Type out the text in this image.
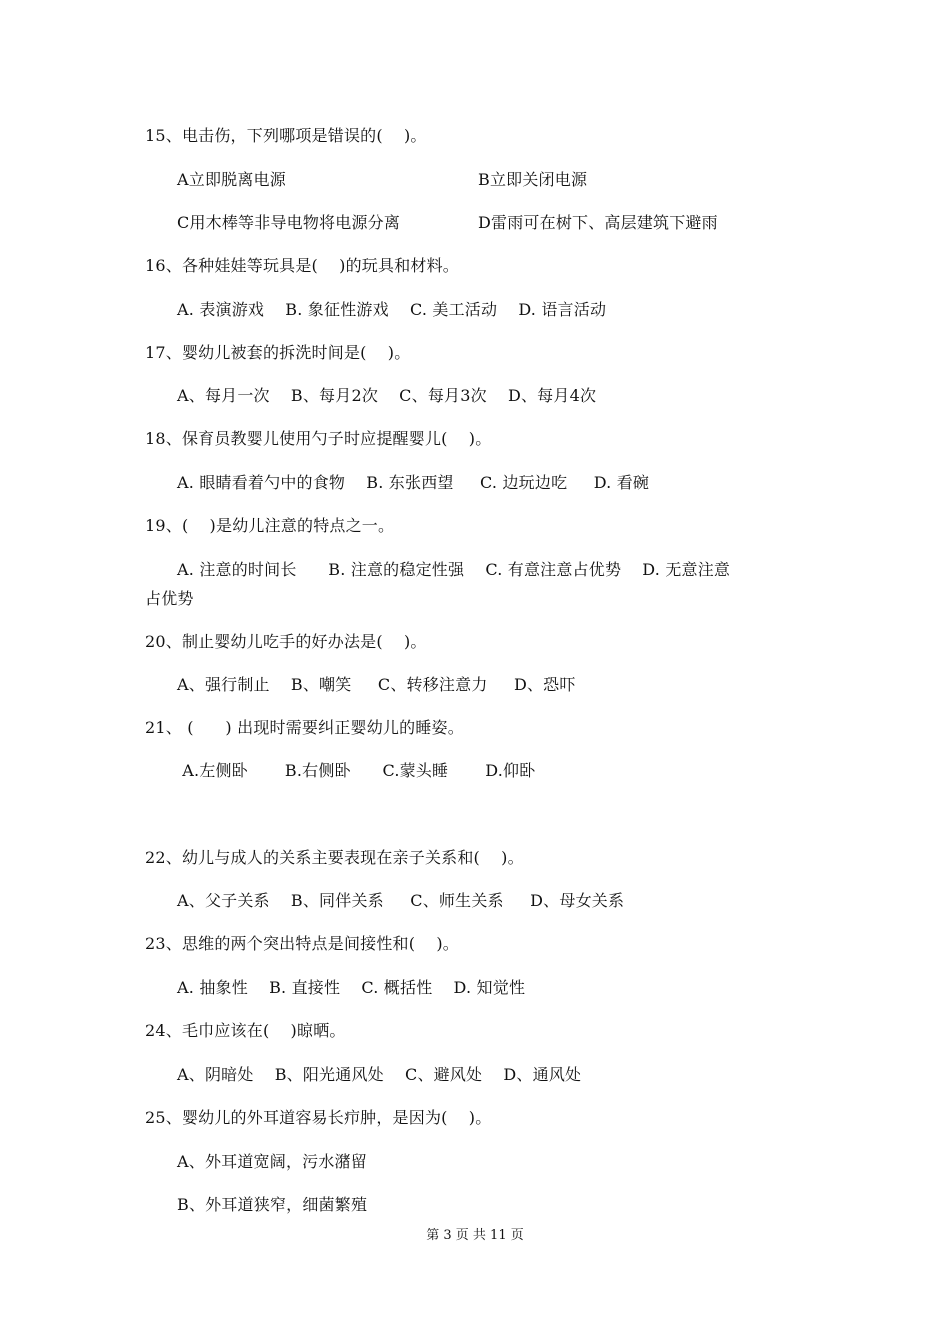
15、电击伤，下列哪项是错误的(    )。
A立即脱离电源	B立即关闭电源
C用木棒等非导电物将电源分离	D雷雨可在树下、高层建筑下避雨
16、各种娃娃等玩具是(    )的玩具和材料。
A. 表演游戏    B. 象征性游戏    C. 美工活动    D. 语言活动
17、婴幼儿被套的拆洗时间是(    )。
A、每月一次    B、每月2次    C、每月3次    D、每月4次
18、保育员教婴儿使用勺子时应提醒婴儿(    )。
A. 眼睛看着勺中的食物    B. 东张西望     C. 边玩边吃     D. 看碗
19、(    )是幼儿注意的特点之一。
A. 注意的时间长      B. 注意的稳定性强    C. 有意注意占优势    D. 无意注意
占优势
20、制止婴幼儿吃手的好办法是(    )。
A、强行制止    B、嘲笑     C、转移注意力     D、恐吓
21、 (      ) 出现时需要纠正婴幼儿的睡姿。
A.左侧卧       B.右侧卧      C.蒙头睡       D.仰卧
22、幼儿与成人的关系主要表现在亲子关系和(    )。
A、父子关系    B、同伴关系     C、师生关系     D、母女关系
23、思维的两个突出特点是间接性和(    )。
A. 抽象性    B. 直接性    C. 概括性    D. 知觉性
24、毛巾应该在(    )晾晒。
A、阴暗处    B、阳光通风处    C、避风处    D、通风处
25、婴幼儿的外耳道容易长疖肿，是因为(    )。
A、外耳道宽阔，污水潴留
B、外耳道狭窄，细菌繁殖
第 3 页 共 11 页
